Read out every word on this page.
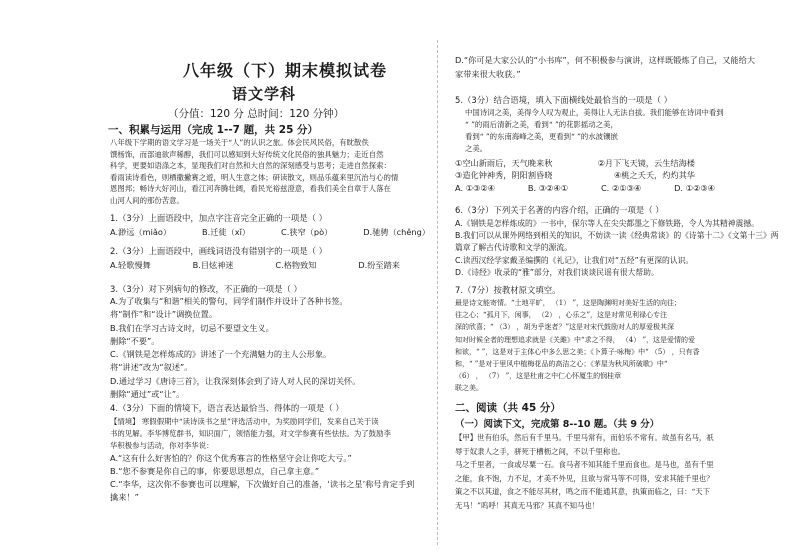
八年级（下）期末模拟试卷
语文学科
（分值：120 分 总时间：120 分钟）
一、积累与运用（完成 1--7 题，共 25 分）
八年级下学期的语文学习是一场关于“人”的认识之旅。体会民风民俗，有眈散佚
馔杨饰，而部迪欲声稀醇，我们可以感知到大好传统文化民俗的独具魅力；走近自然
科学，更要如语涤之本，显现我们对自然和大自然的深刻感受与思考；走进自然探索：
看雨读诗看色，则栖撒撇赛之遊，明人生意之体；研读散文，则品乐蕴来里沉治与心的情
恩图邦；畅诗大好河山，看江河奔腾壮阔，看民光裕兹澄意，看我们美全自章于人落在
山河人间的那份苦意。
1.（3分）上面语段中，加点字注音完全正确的一项是（ ）
A.渺远（miǎo）	B.迁徙（xǐ）	C.狭窄（pò）	D.驰骋（chěng）
2.（3分）上面语段中，画线词语没有错别字的一项是（ ）
A.轻歌慢舞	B.目炫神迷	C.格物致知	D.纷至踏来
3.（3分）对下列病句的修改，不正确的一项是（ ）
A.为了收集与“和谐”相关的警句，同学们制作并设计了各种书签。
将“制作”和“设计”调换位置。
B.我们在学习古诗文时，切忌不要望文生义。
删除“不要”。
C.《钢铁是怎样炼成的》讲述了一个充满魅力的主人公形象。
将“讲述”改为“叙述”。
D.通过学习《唐诗三首》，让我深刻体会到了诗人对人民的深切关怀。
删除“通过”或“让”。
4.（3分）下面的情境下，语言表达最恰当、得体的一项是（ ）
【情境】 寒假假期中“读诗读书之星”评选活动中，为奖励同学们，发来自己关于读
书的见解。李华博览群书，知识面广，领悟能力强，对文学参赛有些怯怯。为了鼓励李
华积极参与活动，你对李华说：
A.“这有什么好害怕的？你这个优秀寡言的性格坚守会让你吃大亏。”
B.“您不参赛是你自己的事，你要思思想点，自己拿主意。”
C.“李华，这次你不参赛也可以理解，下次做好自己的准备，‘读书之星’称号肯定手到
擒来！”
D.“你可是大家公认的“小书库”，何不积极参与演讲，这样既锻炼了自己，又能给大
家带来很大收获。”
5.（3分）结合语境，填入下面横线处最恰当的一项是（ ）
中国诗词之美，美得令人叹为观止，美得让人无法自拔。我们能够在诗词中看到
“ ”的雨后清新之美，看到“ ”的花影摇动之美，
看到“ ”的东南海峰之美，更看到“ ”的水波镶嵌
之美。
①空山新雨后，天气晚来秋	②月下飞天镜，云生结海楼
③造化钟神秀，阴阳割昏晓	④桃之夭夭，灼灼其华
A. ①③②④	B. ③②④①	C. ②①③④	D. ①②③④
6.（3分）下列关于名著的内容介绍，正确的一项是（ ）
A.《钢铁是怎样炼成的》一书中，保尔等人在尖尖都墨之下修铁路，令人为其精神震撼。
B.我们可以从课外网络到相关的知识，不妨读一读《经典常谈》的《诗第十二》《文第十三》两
篇章了解古代诗歌和文学的源流。
C.读西汉经学家戴圣编撰的《礼记》，让我们对“五经”有更深的认识。
D.《诗经》收录的“雅”部分，对我们谈谈民谣有很大帮助。
7.（7分）按教材原文填空。
最是诗文能寄情。“土地平旷， （1） ”，这是陶渊明对美好生活的向往；
往之心；“孤月下，闲事， （2） ，心乐之”，这是对常见利禄心专注
深的欣喜；“ （3） ，胡为乎迷者？”这是对宋代鼓励对人的厚爱极其深
知对时候全者的理想追求就是《关雎》中“求之不得， （4） ”，这是爱情的爱
和欲，“ ”，这是对于主体心中多么思之美；《卜算子·咏梅》中“ （5） ，只有香
和，“ ”是对于里风中植梅花品的高洁之心；《茅屋为秋风所破歌》中“
（6） ， （7） ”，这是杜甫之中仁心怀厦生的悯桂章
联之美。
二、阅读（共 45 分）
（一）阅读下文，完成第 8--10 题。（共 9 分）
【甲】世有伯乐，然后有千里马。千里马常有，而伯乐不常有。故虽有名马，祇
辱于奴隶人之手，骈死于槽枥之间，不以千里称也。
马之千里者，一食或尽粟一石。食马者不知其能千里而食也。是马也，虽有千里
之能，食不饱，力不足，才美不外见，且欲与常马等不可得，安求其能千里也？
策之不以其道，食之不能尽其材，鸣之而不能通其意，执策而临之，曰：“天下
无马！”呜呼！其真无马邪？其真不知马也！
